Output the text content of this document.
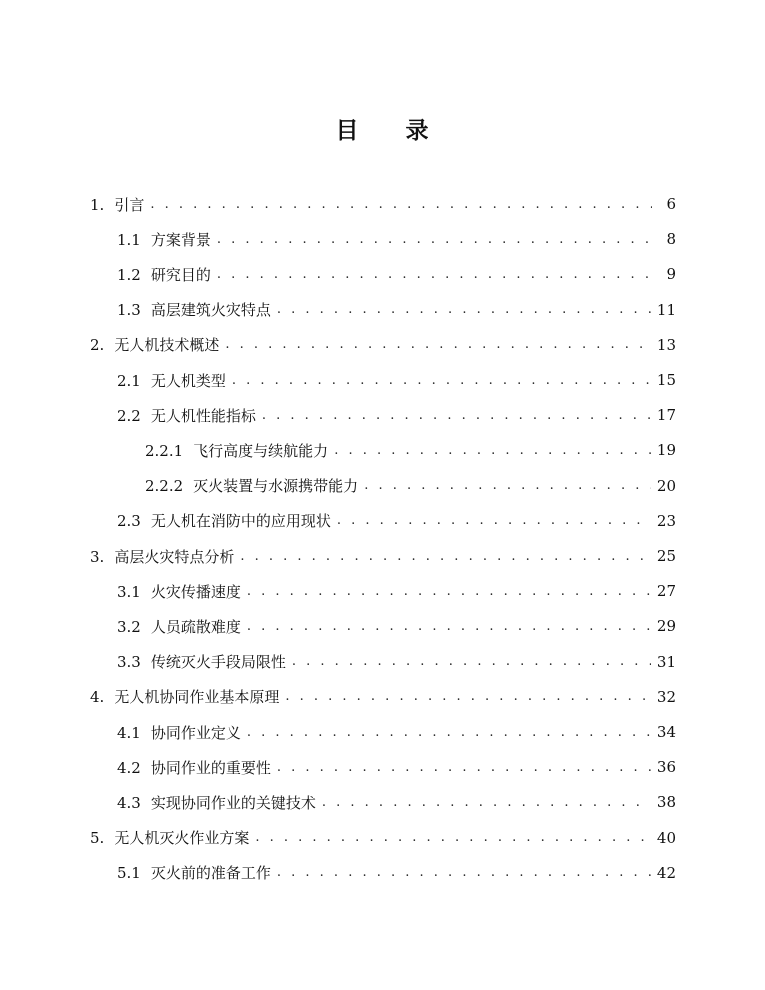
目 录
1. 引言 . . .	6
1.1 方案背景 . . .	8
1.2 研究目的 . . .	9
1.3 高层建筑火灾特点 . . .	11
2. 无人机技术概述 . . .	13
2.1 无人机类型 . . .	15
2.2 无人机性能指标 . . .	17
2.2.1 飞行高度与续航能力 . . .	19
2.2.2 灭火装置与水源携带能力 . . .	20
2.3 无人机在消防中的应用现状 . . .	23
3. 高层火灾特点分析 . . .	25
3.1 火灾传播速度 . . .	27
3.2 人员疏散难度 . . .	29
3.3 传统灭火手段局限性 . . .	31
4. 无人机协同作业基本原理 . . .	32
4.1 协同作业定义 . . .	34
4.2 协同作业的重要性 . . .	36
4.3 实现协同作业的关键技术 . . .	38
5. 无人机灭火作业方案 . . .	40
5.1 灭火前的准备工作 . . .	42
